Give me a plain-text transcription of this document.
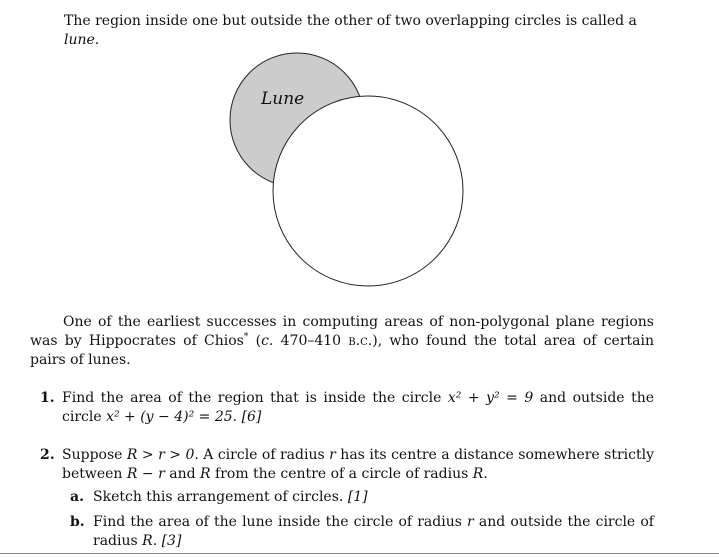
The region inside one but outside the other of two overlapping circles is called a lune.

Lune

One of the earliest successes in computing areas of non-polygonal plane regions was by Hippocrates of Chios* (c. 470–410 b.c.), who found the total area of certain pairs of lunes.

1. Find the area of the region that is inside the circle x² + y² = 9 and outside the circle x² + (y − 4)² = 25. [6]
2. Suppose R > r > 0. A circle of radius r has its centre a distance somewhere strictly between R − r and R from the centre of a circle of radius R.
a. Sketch this arrangement of circles. [1]
b. Find the area of the lune inside the circle of radius r and outside the circle of radius R. [3]
